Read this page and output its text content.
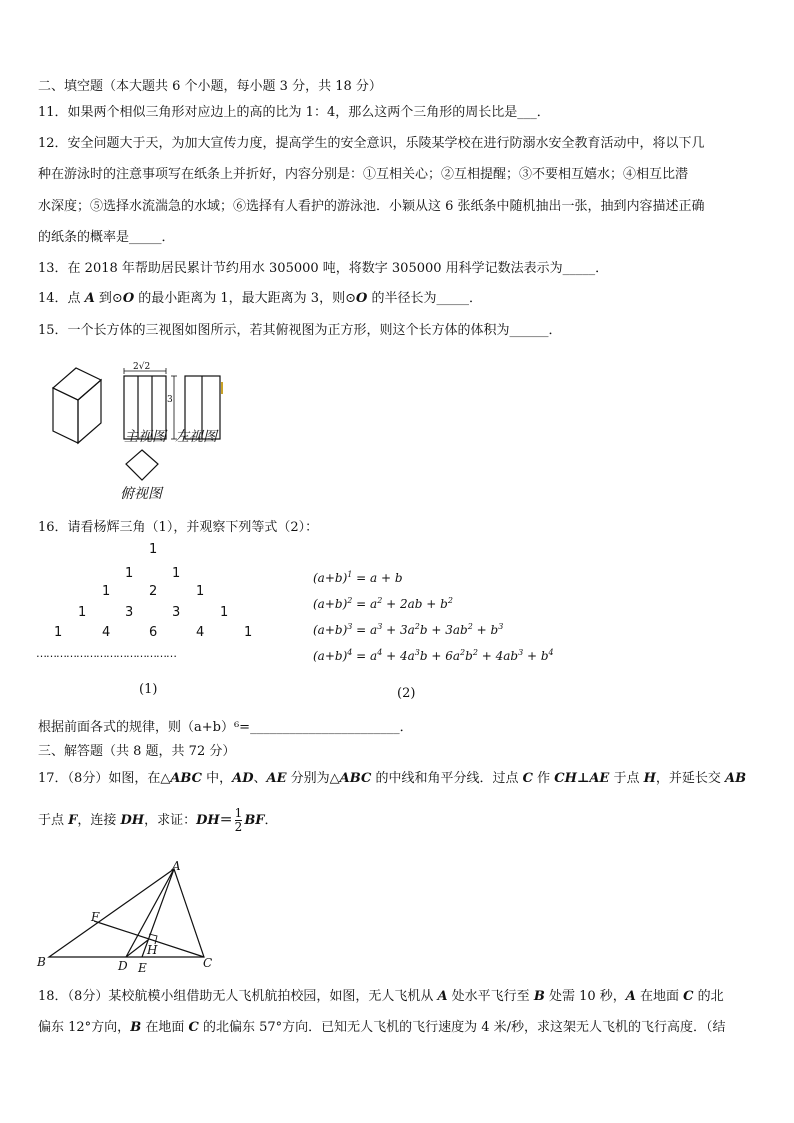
二、填空题（本大题共 6 个小题，每小题 3 分，共 18 分）
11．如果两个相似三角形对应边上的高的比为 1：4，那么这两个三角形的周长比是___．
12．安全问题大于天，为加大宣传力度，提高学生的安全意识，乐陵某学校在进行防溺水安全教育活动中，将以下几
种在游泳时的注意事项写在纸条上并折好，内容分别是：①互相关心；②互相提醒；③不要相互嬉水；④相互比潜
水深度；⑤选择水流湍急的水域；⑥选择有人看护的游泳池．小颖从这 6 张纸条中随机抽出一张，抽到内容描述正确
的纸条的概率是_____．
13．在 2018 年帮助居民累计节约用水 305000 吨，将数字 305000 用科学记数法表示为_____．
14．点 A 到⊙O 的最小距离为 1，最大距离为 3，则⊙O 的半径长为_____．
15．一个长方体的三视图如图所示，若其俯视图为正方形，则这个长方体的体积为______．
2√2
3
主视图 左视图
俯视图
16．请看杨辉三角（1），并观察下列等式（2）：
1
1	1
1	2	1
1	3	3	1
1	4	6	4	1
……………………………………
(1)	(2)
$(a+b)^1 = a + b$
$(a+b)^2 = a^2 + 2ab + b^2$
$(a+b)^3 = a^3 + 3a^2b + 3ab^2 + b^3$
$(a+b)^4 = a^4 + 4a^3b + 6a^2b^2 + 4ab^3 + b^4$
根据前面各式的规律，则（a+b）⁶=_______________________．
三、解答题（共 8 题，共 72 分）
17．（8分）如图，在△ABC 中，AD、AE 分别为△ABC 的中线和角平分线．过点 C 作 CH⊥AE 于点 H，并延长交 AB
于点 F，连接 DH，求证：$DH= \frac{1}{2}$ BF．
A
B	C
D E
F
H
18．（8分）某校航模小组借助无人飞机航拍校园，如图，无人飞机从 A 处水平飞行至 B 处需 10 秒，A 在地面 C 的北
偏东 12°方向，B 在地面 C 的北偏东 57°方向．已知无人飞机的飞行速度为 4 米/秒，求这架无人飞机的飞行高度．（结
